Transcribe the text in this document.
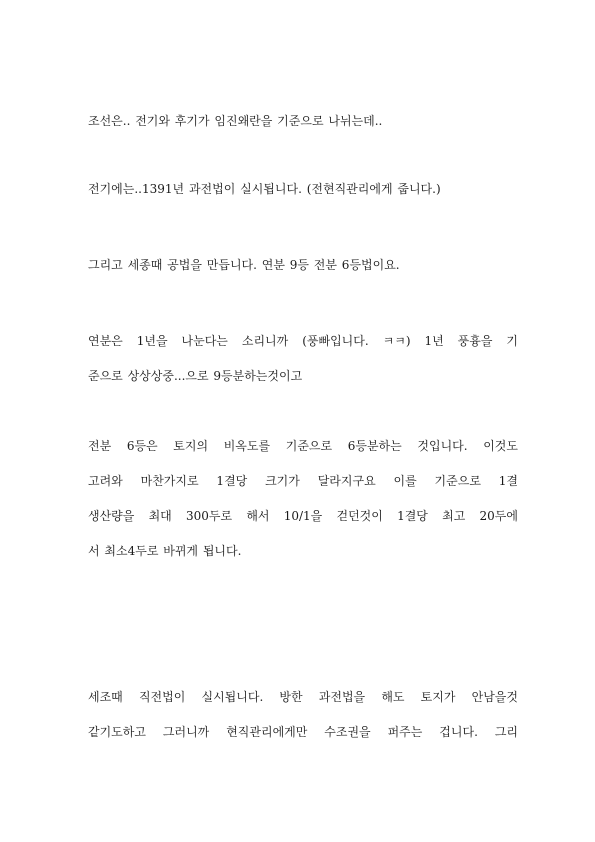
조선은.. 전기와 후기가 임진왜란을 기준으로 나뉘는데..

전기에는..1391년 과전법이 실시됩니다. (전현직관리에게 줍니다.)

그리고 세종때 공법을 만듭니다. 연분 9등 전분 6등법이요.

연분은 1년을 나눈다는 소리니까 (풍빠입니다. ㅋㅋ) 1년 풍흉을 기
준으로 상상상중...으로 9등분하는것이고

전분 6등은 토지의 비옥도를 기준으로 6등분하는 것입니다. 이것도
고려와 마찬가지로 1결당 크기가 달라지구요 이를 기준으로 1결
생산량을 최대 300두로 해서 10/1을 걷던것이 1결당 최고 20두에
서 최소4두로 바뀌게 됩니다.

세조때 직전법이 실시됩니다. 방한 과전법을 해도 토지가 안남을것
같기도하고 그러니까 현직관리에게만 수조권을 퍼주는 겁니다. 그리
